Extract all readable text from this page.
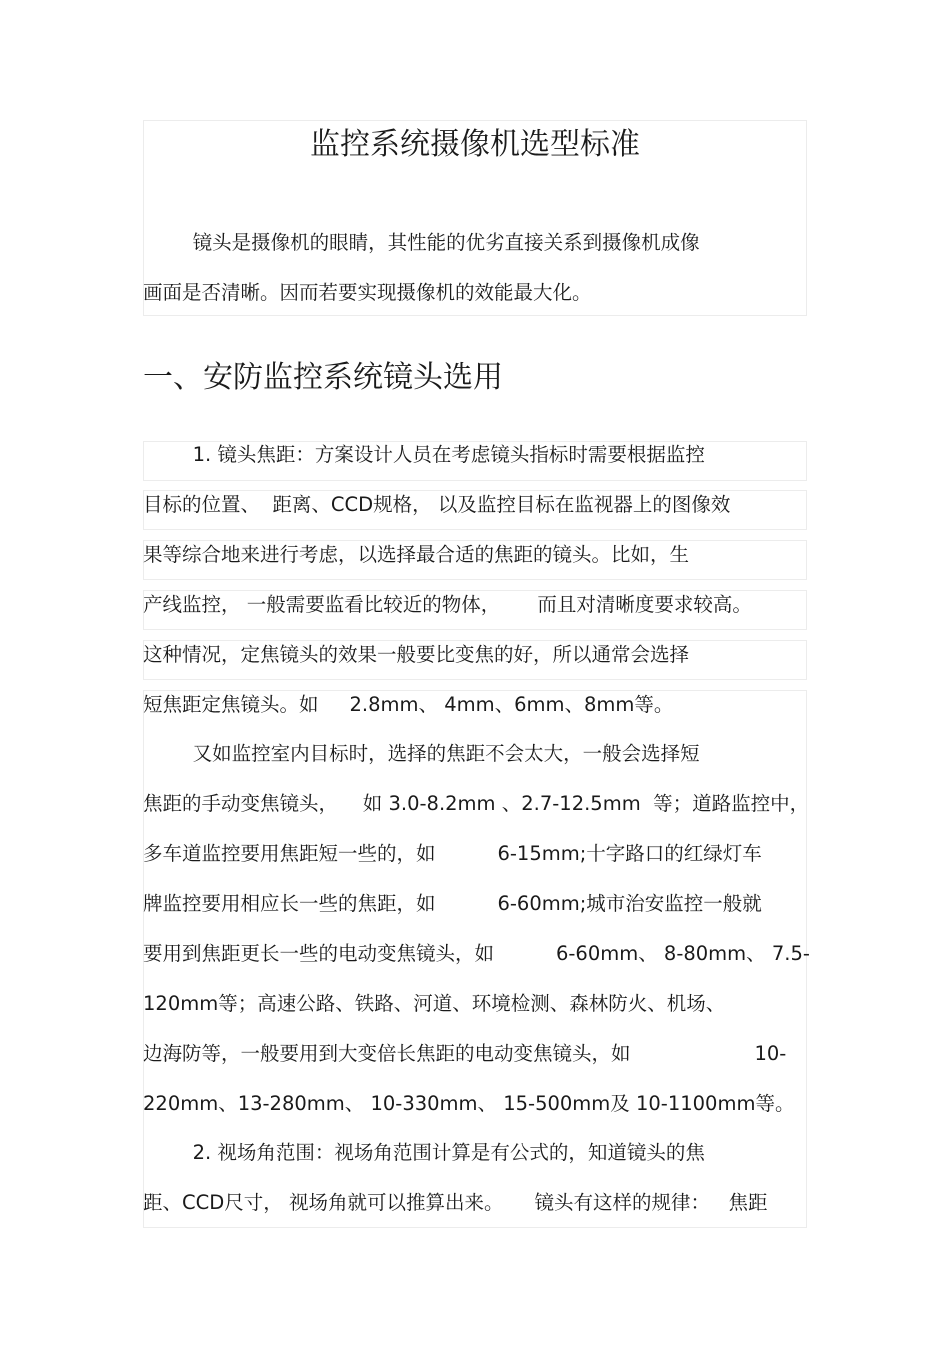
监控系统摄像机选型标准
镜头是摄像机的眼睛，其性能的优劣直接关系到摄像机成像
画面是否清晰。因而若要实现摄像机的效能最大化。
一、安防监控系统镜头选用
1. 镜头焦距：方案设计人员在考虑镜头指标时需要根据监控
目标的位置、  距离、CCD规格， 以及监控目标在监视器上的图像效
果等综合地来进行考虑，以选择最合适的焦距的镜头。比如，生
产线监控， 一般需要监看比较近的物体，      而且对清晰度要求较高。
这种情况，定焦镜头的效果一般要比变焦的好，所以通常会选择
短焦距定焦镜头。如     2.8mm、 4mm、6mm、8mm等。
又如监控室内目标时，选择的焦距不会太大，一般会选择短
焦距的手动变焦镜头，    如 3.0-8.2mm 、2.7-12.5mm  等；道路监控中，
多车道监控要用焦距短一些的，如          6-15mm;十字路口的红绿灯车
牌监控要用相应长一些的焦距，如          6-60mm;城市治安监控一般就
要用到焦距更长一些的电动变焦镜头，如          6-60mm、 8-80mm、 7.5-
120mm等；高速公路、铁路、河道、环境检测、森林防火、机场、
边海防等，一般要用到大变倍长焦距的电动变焦镜头，如                    10-
220mm、13-280mm、 10-330mm、 15-500mm及 10-1100mm等。
2. 视场角范围：视场角范围计算是有公式的，知道镜头的焦
距、CCD尺寸， 视场角就可以推算出来。     镜头有这样的规律：   焦距
